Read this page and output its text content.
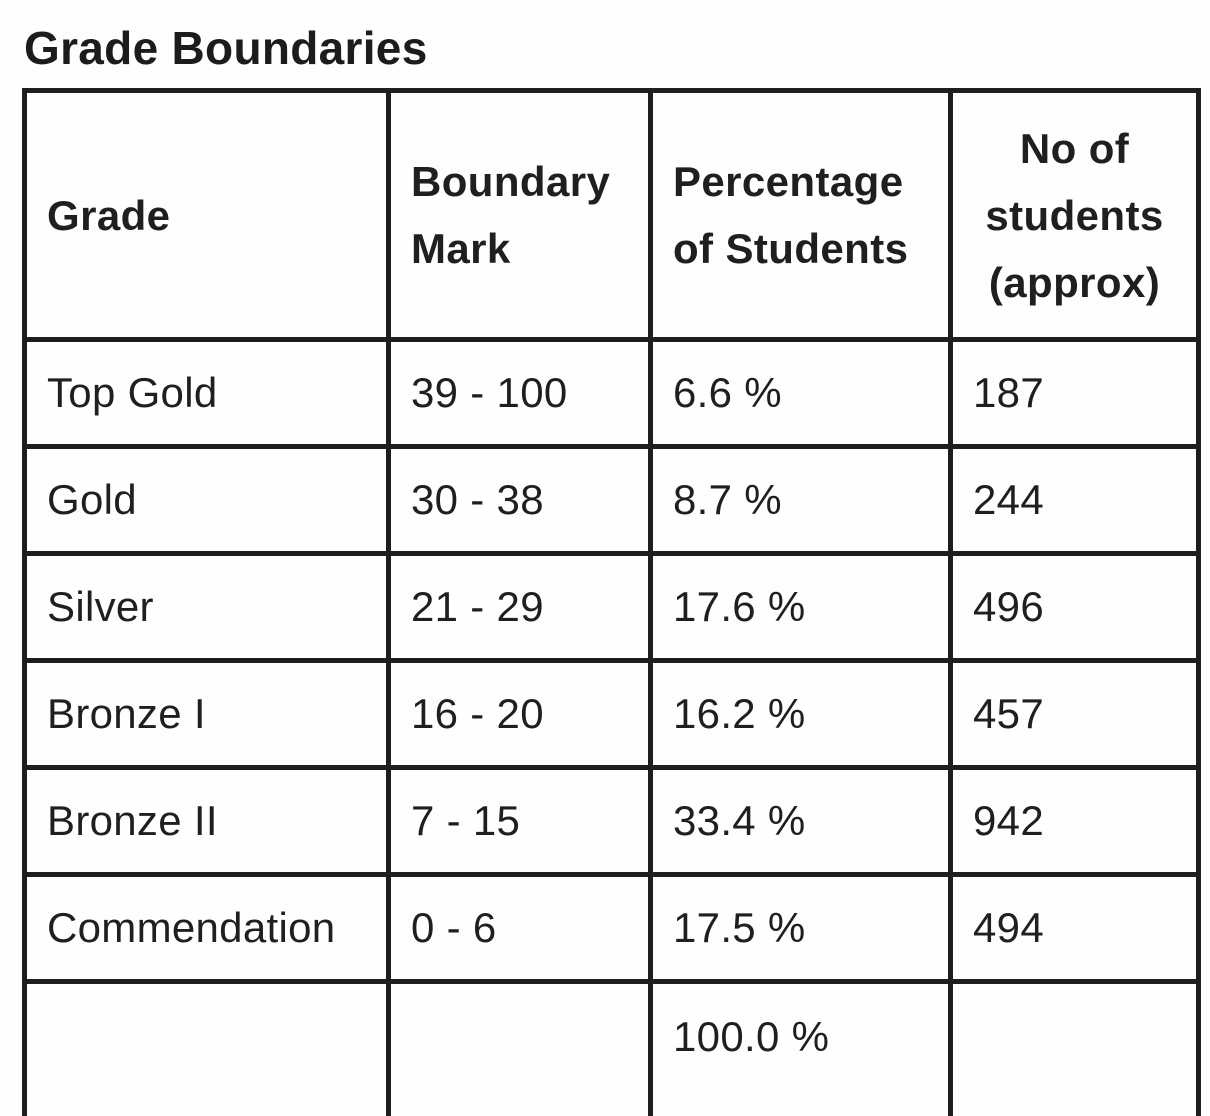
Grade Boundaries
Grade	Boundary Mark	Percentage of Students	No of students (approx)
Top Gold	39 - 100	6.6 %	187
Gold	30 - 38	8.7 %	244
Silver	21 - 29	17.6 %	496
Bronze I	16 - 20	16.2 %	457
Bronze II	7 - 15	33.4 %	942
Commendation	0 - 6	17.5 %	494
		100.0 %	
